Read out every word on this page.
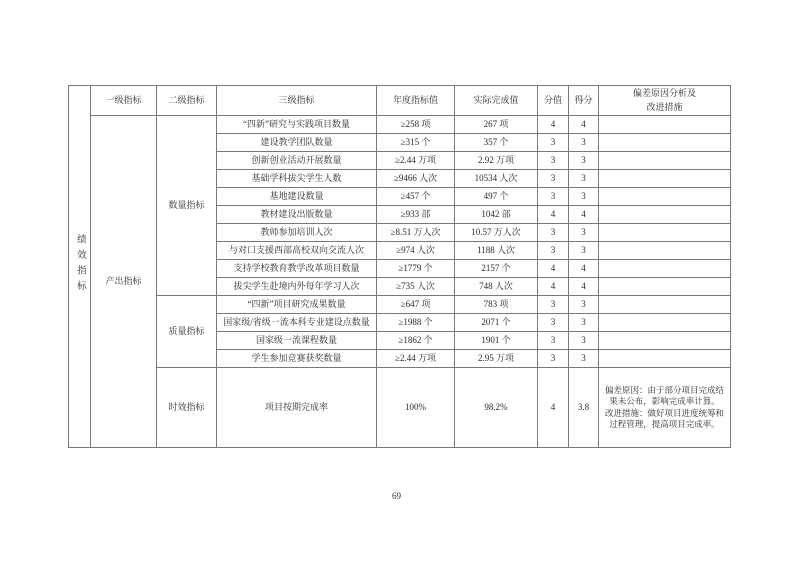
绩效指标	一级指标	二级指标	三级指标	年度指标值	实际完成值	分值	得分	偏差原因分析及
改进措施

	产出指标	数量指标	“四新”研究与实践项目数量	≥258 项	267 项	4	4	
			建设教学团队数量	≥315 个	357 个	3	3	
			创新创业活动开展数量	≥2.44 万项	2.92 万项	3	3	
			基础学科拔尖学生人数	≥9466 人次	10534 人次	3	3	
			基地建设数量	≥457 个	497 个	3	3	
			教材建设出版数量	≥933 部	1042 部	4	4	
			教师参加培训人次	≥8.51 万人次	10.57 万人次	3	3	
			与对口支援西部高校双向交流人次	≥974 人次	1188 人次	3	3	
			支持学校教育教学改革项目数量	≥1779 个	2157 个	4	4	
			拔尖学生赴境内外每年学习人次	≥735 人次	748 人次	4	4	
		质量指标	“四新”项目研究成果数量	≥647 项	783 项	3	3	
			国家级/省级一流本科专业建设点数量	≥1988 个	2071 个	3	3	
			国家级一流课程数量	≥1862 个	1901 个	3	3	
			学生参加竞赛获奖数量	≥2.44 万项	2.95 万项	3	3	
		时效指标	项目按期完成率	100%	98.2%	4	3.8	偏差原因：由于部分项目完成结果未公布，影响完成率计算。
改进措施：做好项目进度统筹和过程管理，提高项目完成率。
69
